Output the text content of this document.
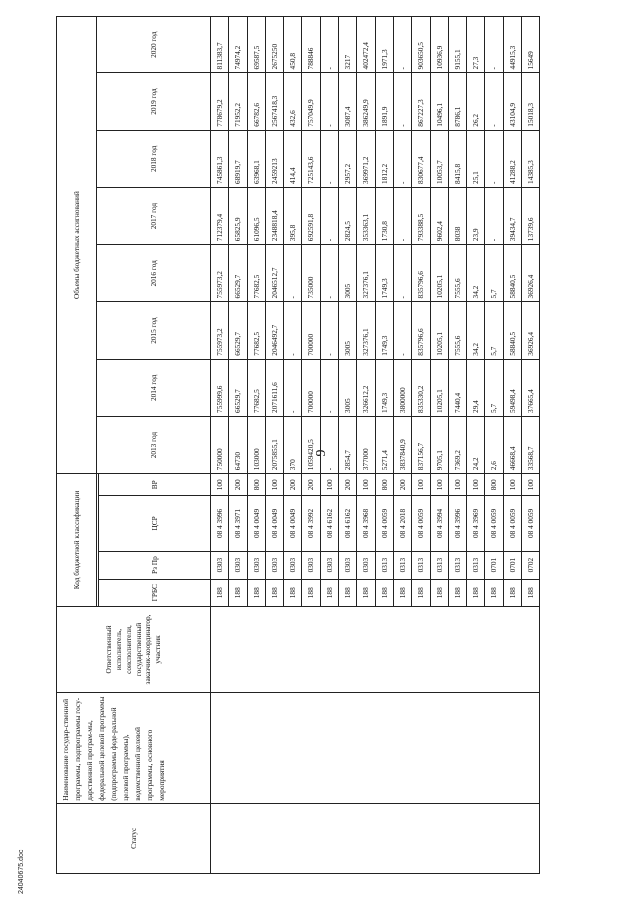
9
24040675.doc
Статус	Наименование государ-ственной программы, подпрограммы госу-дарственной програм-мы, федеральной целевой программы (подпрограммы феде-ральной целевой программы), ведомственной целевой программы, основного мероприятия	Ответственный исполнитель, соисполнители, государственный заказчик-координатор, участник	Код бюджетной классификации				Объемы бюджетных ассигнований							
							2013 год	2014 год	2015 год	2016 год	2017 год	2018 год	2019 год	2020 год
			ГРБС	Рз Пр	ЦСР	ВР								
			188	0303	08 4 3996	100	750000	755999,6	755973,2	755973,2	712379,4	745861,3	778679,2	811383,7
			188	0303	08 4 3971	200	64730	66529,7	66529,7	66529,7	65825,9	68919,7	71952,2	74974,2
			188	0303	08 4 0049	800	103000	77682,5	77682,5	77682,5	61096,5	63968,1	66782,6	69587,5
			188	0303	08 4 0049	100	2075855,1	2071611,6	2046492,7	2046512,7	2348818,4	2459213	2567418,3	2675250
			188	0303	08 4 0049	200	370	-	-	-	395,8	414,4	432,6	450,8
			188	0303	08 4 3992	200	1059420,5	700000	700000	735000	692591,8	725143,6	757049,9	788846
			188	0303	08 4 6162	100	-	-	-	-	-	-	-	-
			188	0303	08 4 6162	200	2854,7	3005	3005	3005	2824,5	2957,2	3087,4	3217
			188	0303	08 4 3968	100	377000	326612,2	327376,1	327376,1	353363,1	369971,2	386249,9	402472,4
			188	0313	08 4 0059	800	5271,4	1749,3	1749,3	1749,3	1730,8	1812,2	1891,9	1971,3
			188	0313	08 4 2018	200	3837840,9	3800000	-	-	-	-	-	-
			188	0313	08 4 0059	100	837156,7	835330,2	835796,6	835796,6	793388,5	830677,4	867227,3	903650,5
			188	0313	08 4 3994	100	9705,1	10205,1	10205,1	10205,1	9602,4	10053,7	10496,1	10936,9
			188	0313	08 4 3996	100	7369,2	7440,4	7555,6	7555,6	8038	8415,8	8786,1	9155,1
			188	0313	08 4 3969	100	24,2	29,4	34,2	34,2	23,9	25,1	26,2	27,3
			188	0701	08 4 0059	800	2,6	5,7	5,7	5,7	-	-	-	-
			188	0701	08 4 0059	100	46668,4	59498,4	58840,5	58840,5	39434,7	41288,2	43104,9	44915,3
			188	0702	08 4 0059	100	33568,7	37665,4	36926,4	36926,4	13739,6	14385,3	15018,3	15649
